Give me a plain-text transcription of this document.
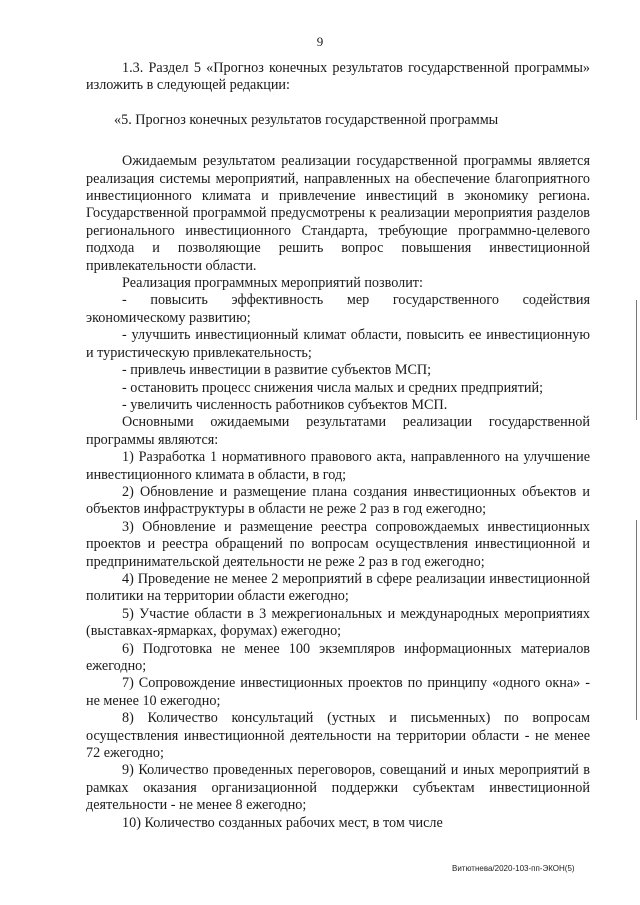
9

1.3. Раздел 5 «Прогноз конечных результатов государственной программы» изложить в следующей редакции:

«5. Прогноз конечных результатов государственной программы

Ожидаемым результатом реализации государственной программы является реализация системы мероприятий, направленных на обеспечение благоприятного инвестиционного климата и привлечение инвестиций в экономику региона. Государственной программой предусмотрены к реализации мероприятия разделов регионального инвестиционного Стандарта, требующие программно-целевого подхода и позволяющие решить вопрос повышения инвестиционной привлекательности области.

Реализация программных мероприятий позволит:

- повысить эффективность мер государственного содействия экономическому развитию;

- улучшить инвестиционный климат области, повысить ее инвестиционную и туристическую привлекательность;

- привлечь инвестиции в развитие субъектов МСП;

- остановить процесс снижения числа малых и средних предприятий;

- увеличить численность работников субъектов МСП.

Основными ожидаемыми результатами реализации государственной программы являются:

1) Разработка 1 нормативного правового акта, направленного на улучшение инвестиционного климата в области, в год;

2) Обновление и размещение плана создания инвестиционных объектов и объектов инфраструктуры в области не реже 2 раз в год ежегодно;

3) Обновление и размещение реестра сопровождаемых инвестиционных проектов и реестра обращений по вопросам осуществления инвестиционной и предпринимательской деятельности не реже 2 раз в год ежегодно;

4) Проведение не менее 2 мероприятий в сфере реализации инвестиционной политики на территории области ежегодно;

5) Участие области в 3 межрегиональных и международных мероприятиях (выставках-ярмарках, форумах) ежегодно;

6) Подготовка не менее 100 экземпляров информационных материалов ежегодно;

7) Сопровождение инвестиционных проектов по принципу «одного окна» - не менее 10 ежегодно;

8) Количество консультаций (устных и письменных) по вопросам осуществления инвестиционной деятельности на территории области - не менее 72 ежегодно;

9) Количество проведенных переговоров, совещаний и иных мероприятий в рамках оказания организационной поддержки субъектам инвестиционной деятельности - не менее 8 ежегодно;

10) Количество созданных рабочих мест, в том числе

Витютнева/2020-103-пп-ЭКОН(5)
